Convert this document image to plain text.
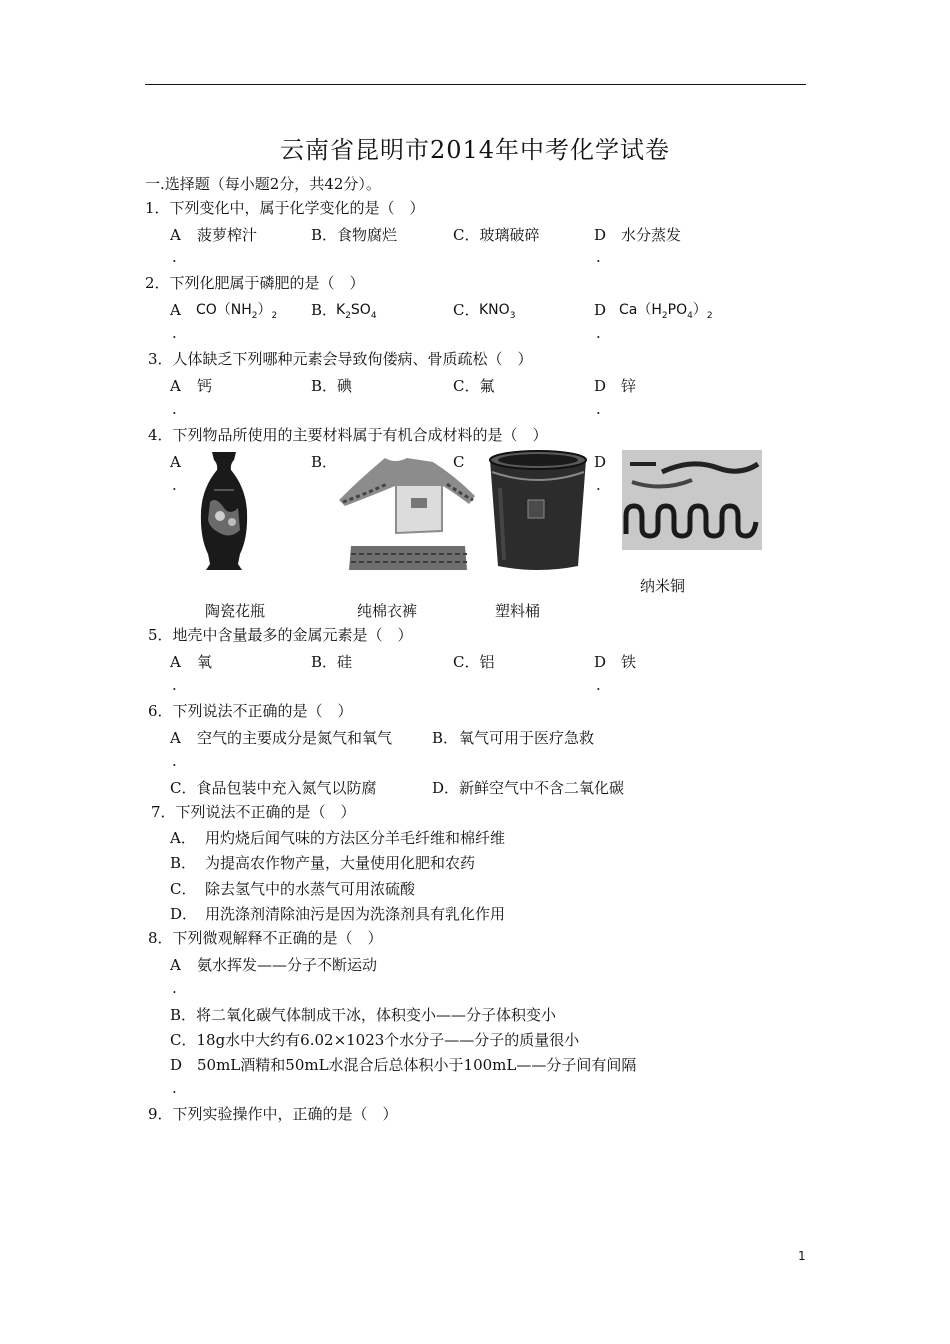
云南省昆明市2014年中考化学试卷
一.选择题（每小题2分，共42分）。
1．下列变化中，属于化学变化的是（　）
A 菠萝榨汁	B．食物腐烂	C．玻璃破碎	D 水分蒸发
.	.
2．下列化肥属于磷肥的是（　）
A $CO(NH_2)_2$ B．
$K_2SO_4$	C． $KNO_3$	D $Ca(H_2PO_4)_2$
.	.
3．人体缺乏下列哪种元素会导致佝偻病、骨质疏松（　）
A 钙	B．碘	C．氟	D 锌
.	.
4．下列物品所使用的主要材料属于有机合成材料的是（　）
A
.
B．	D
.
C
纳米铜
陶瓷花瓶	纯棉衣裤	塑料桶
5．地壳中含量最多的金属元素是（　）
A 氧	B．硅	C．铝	D 铁
.	.
6．下列说法不正确的是（　）
A 空气的主要成分是氮气和氧气	B． 氧气可用于医疗急救
.
C．食品包装中充入氮气以防腐	D．新鲜空气中不含二氧化碳
7．下列说法不正确的是（　）
A． 用灼烧后闻气味的方法区分羊毛纤维和棉纤维
B． 为提高农作物产量，大量使用化肥和农药
C． 除去氢气中的水蒸气可用浓硫酸
D． 用洗涤剂清除油污是因为洗涤剂具有乳化作用
8．下列微观解释不正确的是（　）
A 氨水挥发——分子不断运动
.
B．将二氧化碳气体制成干冰，体积变小——分子体积变小
C．18g水中大约有6.02×1023个水分子——分子的质量很小
D 50mL酒精和50mL水混合后总体积小于100mL——分子间有间隔
.
9．下列实验操作中，正确的是（　）
1
